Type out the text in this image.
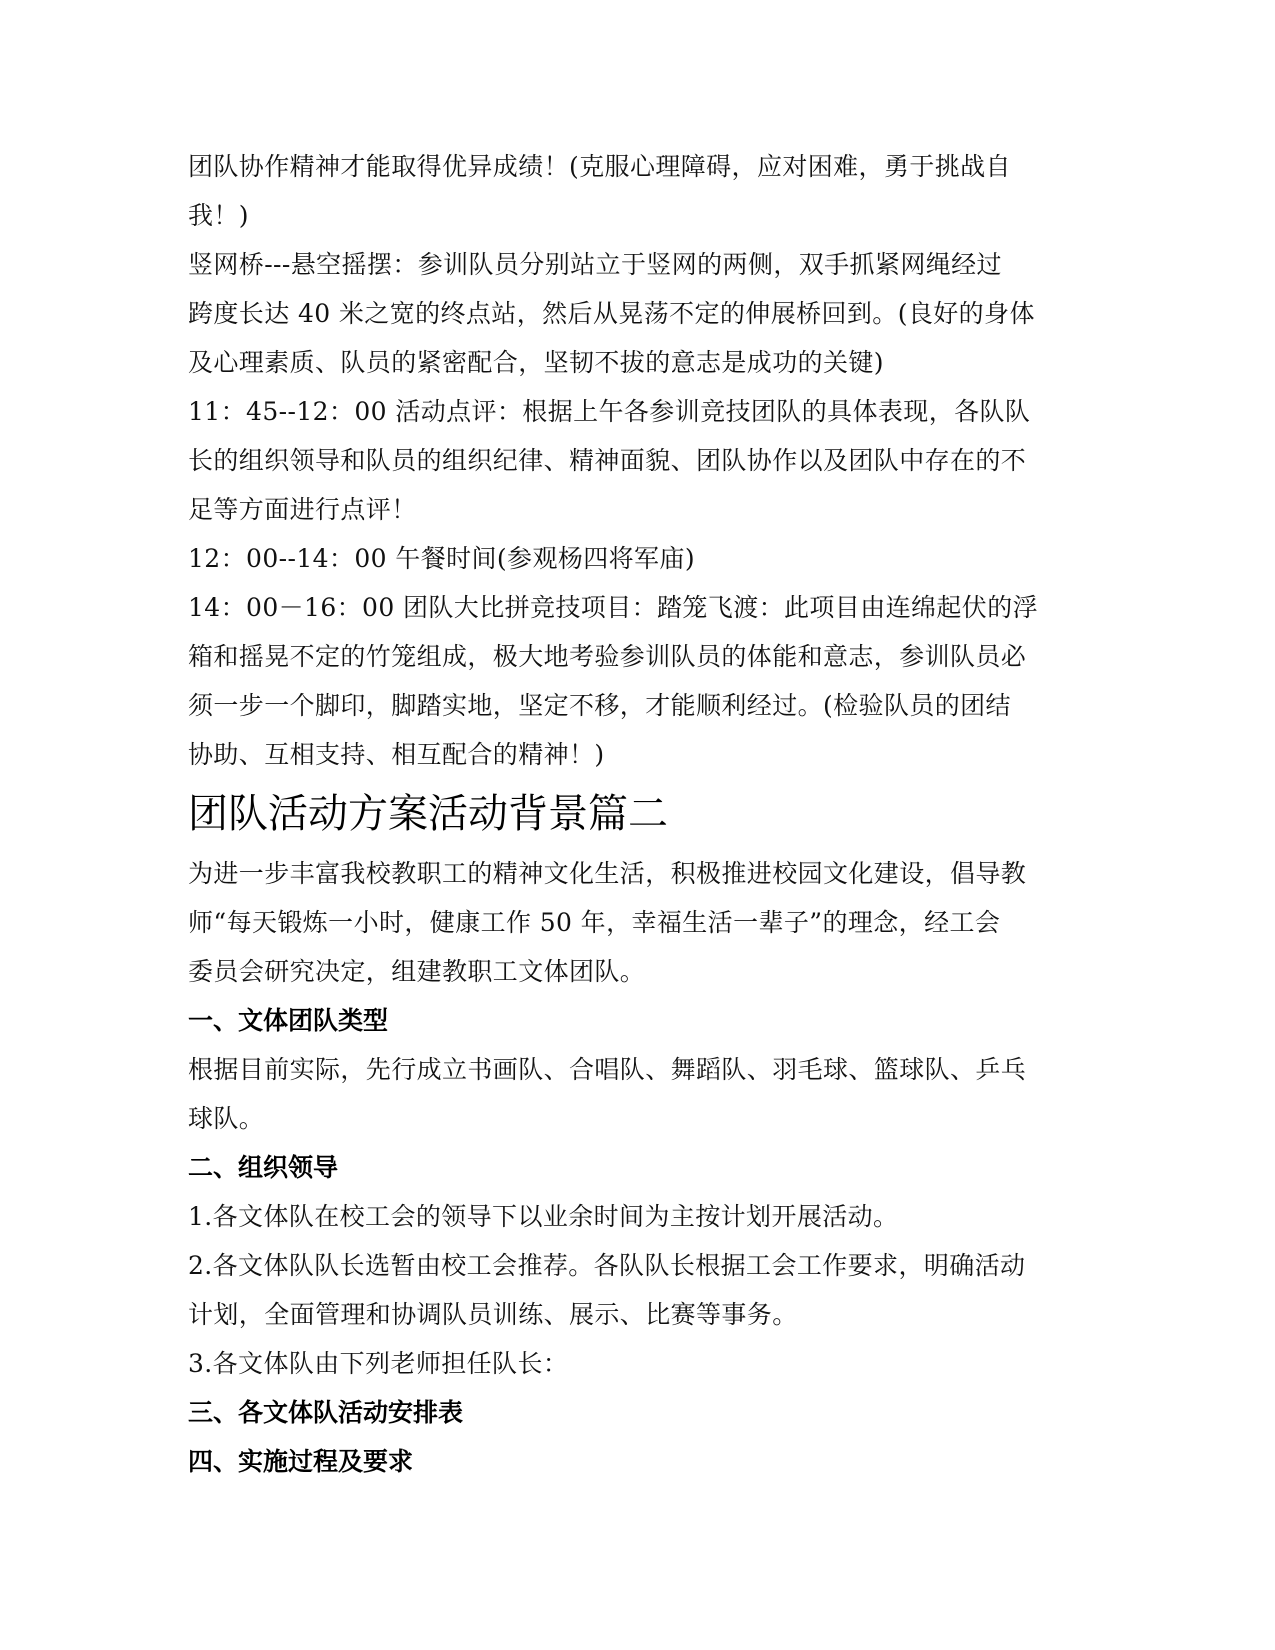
团队协作精神才能取得优异成绩！(克服心理障碍，应对困难，勇于挑战自
我！)
竖网桥---悬空摇摆：参训队员分别站立于竖网的两侧，双手抓紧网绳经过
跨度长达 40 米之宽的终点站，然后从晃荡不定的伸展桥回到。(良好的身体
及心理素质、队员的紧密配合，坚韧不拔的意志是成功的关键)
11：45--12：00 活动点评：根据上午各参训竞技团队的具体表现，各队队
长的组织领导和队员的组织纪律、精神面貌、团队协作以及团队中存在的不
足等方面进行点评！
12：00--14：00 午餐时间(参观杨四将军庙)
14：00－16：00 团队大比拼竞技项目：踏笼飞渡：此项目由连绵起伏的浮
箱和摇晃不定的竹笼组成，极大地考验参训队员的体能和意志，参训队员必
须一步一个脚印，脚踏实地，坚定不移，才能顺利经过。(检验队员的团结
协助、互相支持、相互配合的精神！)
团队活动方案活动背景篇二
为进一步丰富我校教职工的精神文化生活，积极推进校园文化建设，倡导教
师“每天锻炼一小时，健康工作 50 年，幸福生活一辈子”的理念，经工会
委员会研究决定，组建教职工文体团队。
一、文体团队类型
根据目前实际，先行成立书画队、合唱队、舞蹈队、羽毛球、篮球队、乒乓
球队。
二、组织领导
1.各文体队在校工会的领导下以业余时间为主按计划开展活动。
2.各文体队队长选暂由校工会推荐。各队队长根据工会工作要求，明确活动
计划，全面管理和协调队员训练、展示、比赛等事务。
3.各文体队由下列老师担任队长：
三、各文体队活动安排表
四、实施过程及要求
